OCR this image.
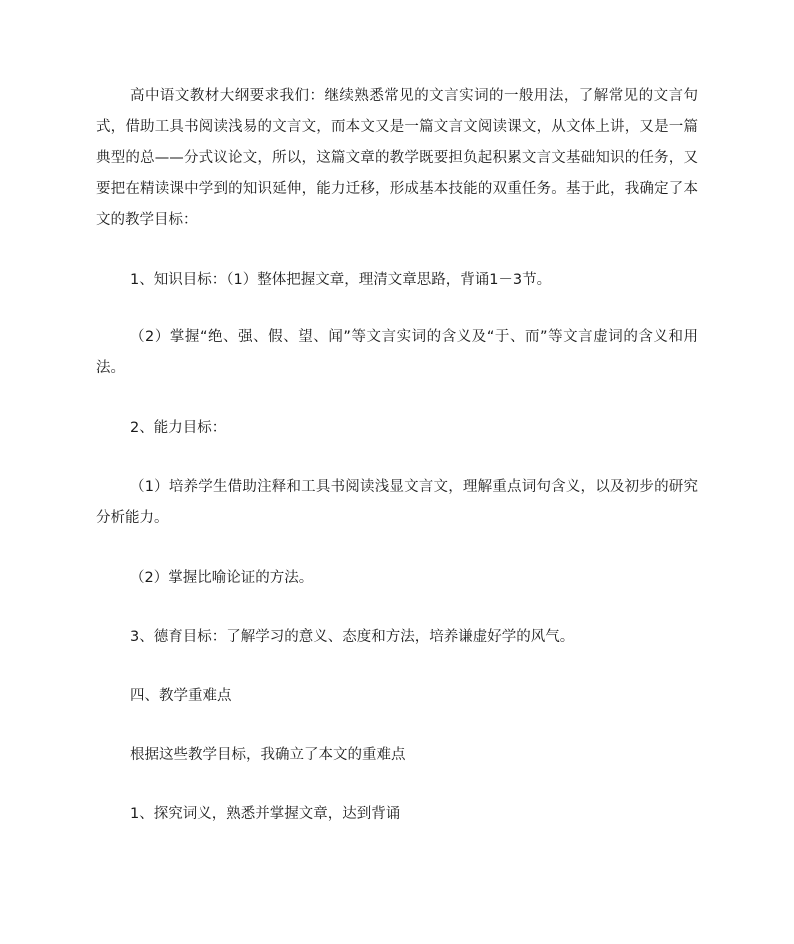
高中语文教材大纲要求我们：继续熟悉常见的文言实词的一般用法，了解常见的文言句式，借助工具书阅读浅易的文言文，而本文又是一篇文言文阅读课文，从文体上讲，又是一篇典型的总——分式议论文，所以，这篇文章的教学既要担负起积累文言文基础知识的任务，又要把在精读课中学到的知识延伸，能力迁移，形成基本技能的双重任务。基于此，我确定了本文的教学目标：

1、知识目标：（1）整体把握文章，理清文章思路，背诵1－3节。

（2）掌握“绝、强、假、望、闻”等文言实词的含义及“于、而”等文言虚词的含义和用法。

2、能力目标：

（1）培养学生借助注释和工具书阅读浅显文言文，理解重点词句含义，以及初步的研究分析能力。

（2）掌握比喻论证的方法。

3、德育目标：了解学习的意义、态度和方法，培养谦虚好学的风气。

四、教学重难点

根据这些教学目标，我确立了本文的重难点

1、探究词义，熟悉并掌握文章，达到背诵
